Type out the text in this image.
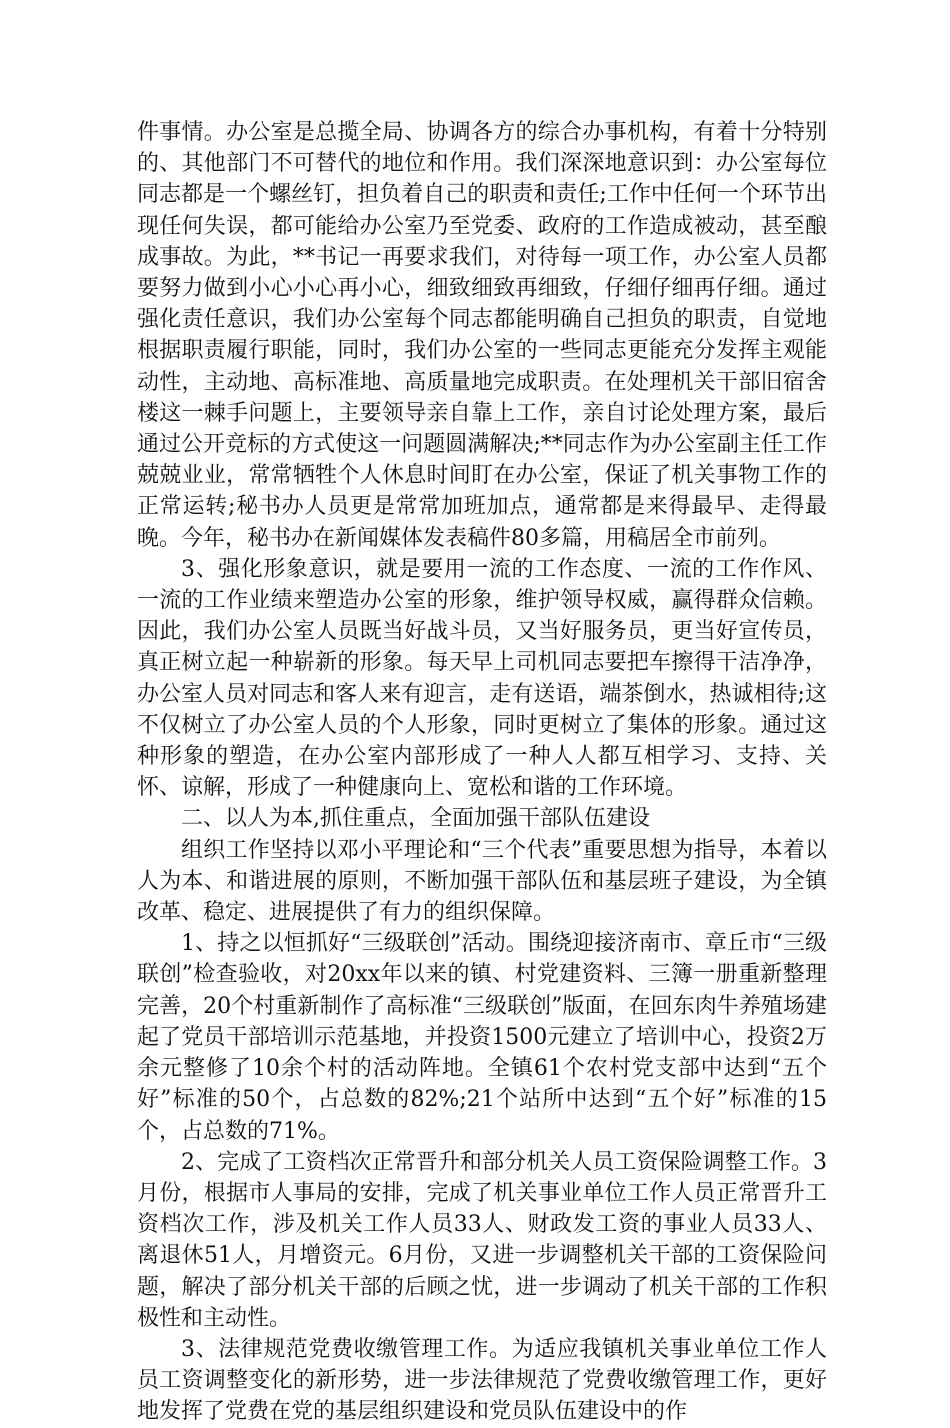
件事情。办公室是总揽全局、协调各方的综合办事机构，有着十分特别的、其他部门不可替代的地位和作用。我们深深地意识到：办公室每位同志都是一个螺丝钉，担负着自己的职责和责任;工作中任何一个环节出现任何失误，都可能给办公室乃至党委、政府的工作造成被动，甚至酿成事故。为此，**书记一再要求我们，对待每一项工作，办公室人员都要努力做到小心小心再小心，细致细致再细致，仔细仔细再仔细。通过强化责任意识，我们办公室每个同志都能明确自己担负的职责，自觉地根据职责履行职能，同时，我们办公室的一些同志更能充分发挥主观能动性，主动地、高标准地、高质量地完成职责。在处理机关干部旧宿舍楼这一棘手问题上，主要领导亲自靠上工作，亲自讨论处理方案，最后通过公开竞标的方式使这一问题圆满解决;**同志作为办公室副主任工作兢兢业业，常常牺牲个人休息时间盯在办公室，保证了机关事物工作的正常运转;秘书办人员更是常常加班加点，通常都是来得最早、走得最晚。今年，秘书办在新闻媒体发表稿件80多篇，用稿居全市前列。

3、强化形象意识，就是要用一流的工作态度、一流的工作作风、一流的工作业绩来塑造办公室的形象，维护领导权威，赢得群众信赖。因此，我们办公室人员既当好战斗员，又当好服务员，更当好宣传员，真正树立起一种崭新的形象。每天早上司机同志要把车擦得干洁净净，办公室人员对同志和客人来有迎言，走有送语，端茶倒水，热诚相待;这不仅树立了办公室人员的个人形象，同时更树立了集体的形象。通过这种形象的塑造，在办公室内部形成了一种人人都互相学习、支持、关怀、谅解，形成了一种健康向上、宽松和谐的工作环境。

二、以人为本,抓住重点，全面加强干部队伍建设

组织工作坚持以邓小平理论和“三个代表”重要思想为指导，本着以人为本、和谐进展的原则，不断加强干部队伍和基层班子建设，为全镇改革、稳定、进展提供了有力的组织保障。

1、持之以恒抓好“三级联创”活动。围绕迎接济南市、章丘市“三级联创”检查验收，对20xx年以来的镇、村党建资料、三簿一册重新整理完善，20个村重新制作了高标准“三级联创”版面，在回东肉牛养殖场建起了党员干部培训示范基地，并投资1500元建立了培训中心，投资2万余元整修了10余个村的活动阵地。全镇61个农村党支部中达到“五个好”标准的50个，占总数的82%;21个站所中达到“五个好”标准的15个，占总数的71%。

2、完成了工资档次正常晋升和部分机关人员工资保险调整工作。3月份，根据市人事局的安排，完成了机关事业单位工作人员正常晋升工资档次工作，涉及机关工作人员33人、财政发工资的事业人员33人、离退休51人，月增资元。6月份，又进一步调整机关干部的工资保险问题，解决了部分机关干部的后顾之忧，进一步调动了机关干部的工作积极性和主动性。

3、法律规范党费收缴管理工作。为适应我镇机关事业单位工作人员工资调整变化的新形势，进一步法律规范了党费收缴管理工作，更好地发挥了党费在党的基层组织建设和党员队伍建设中的作
